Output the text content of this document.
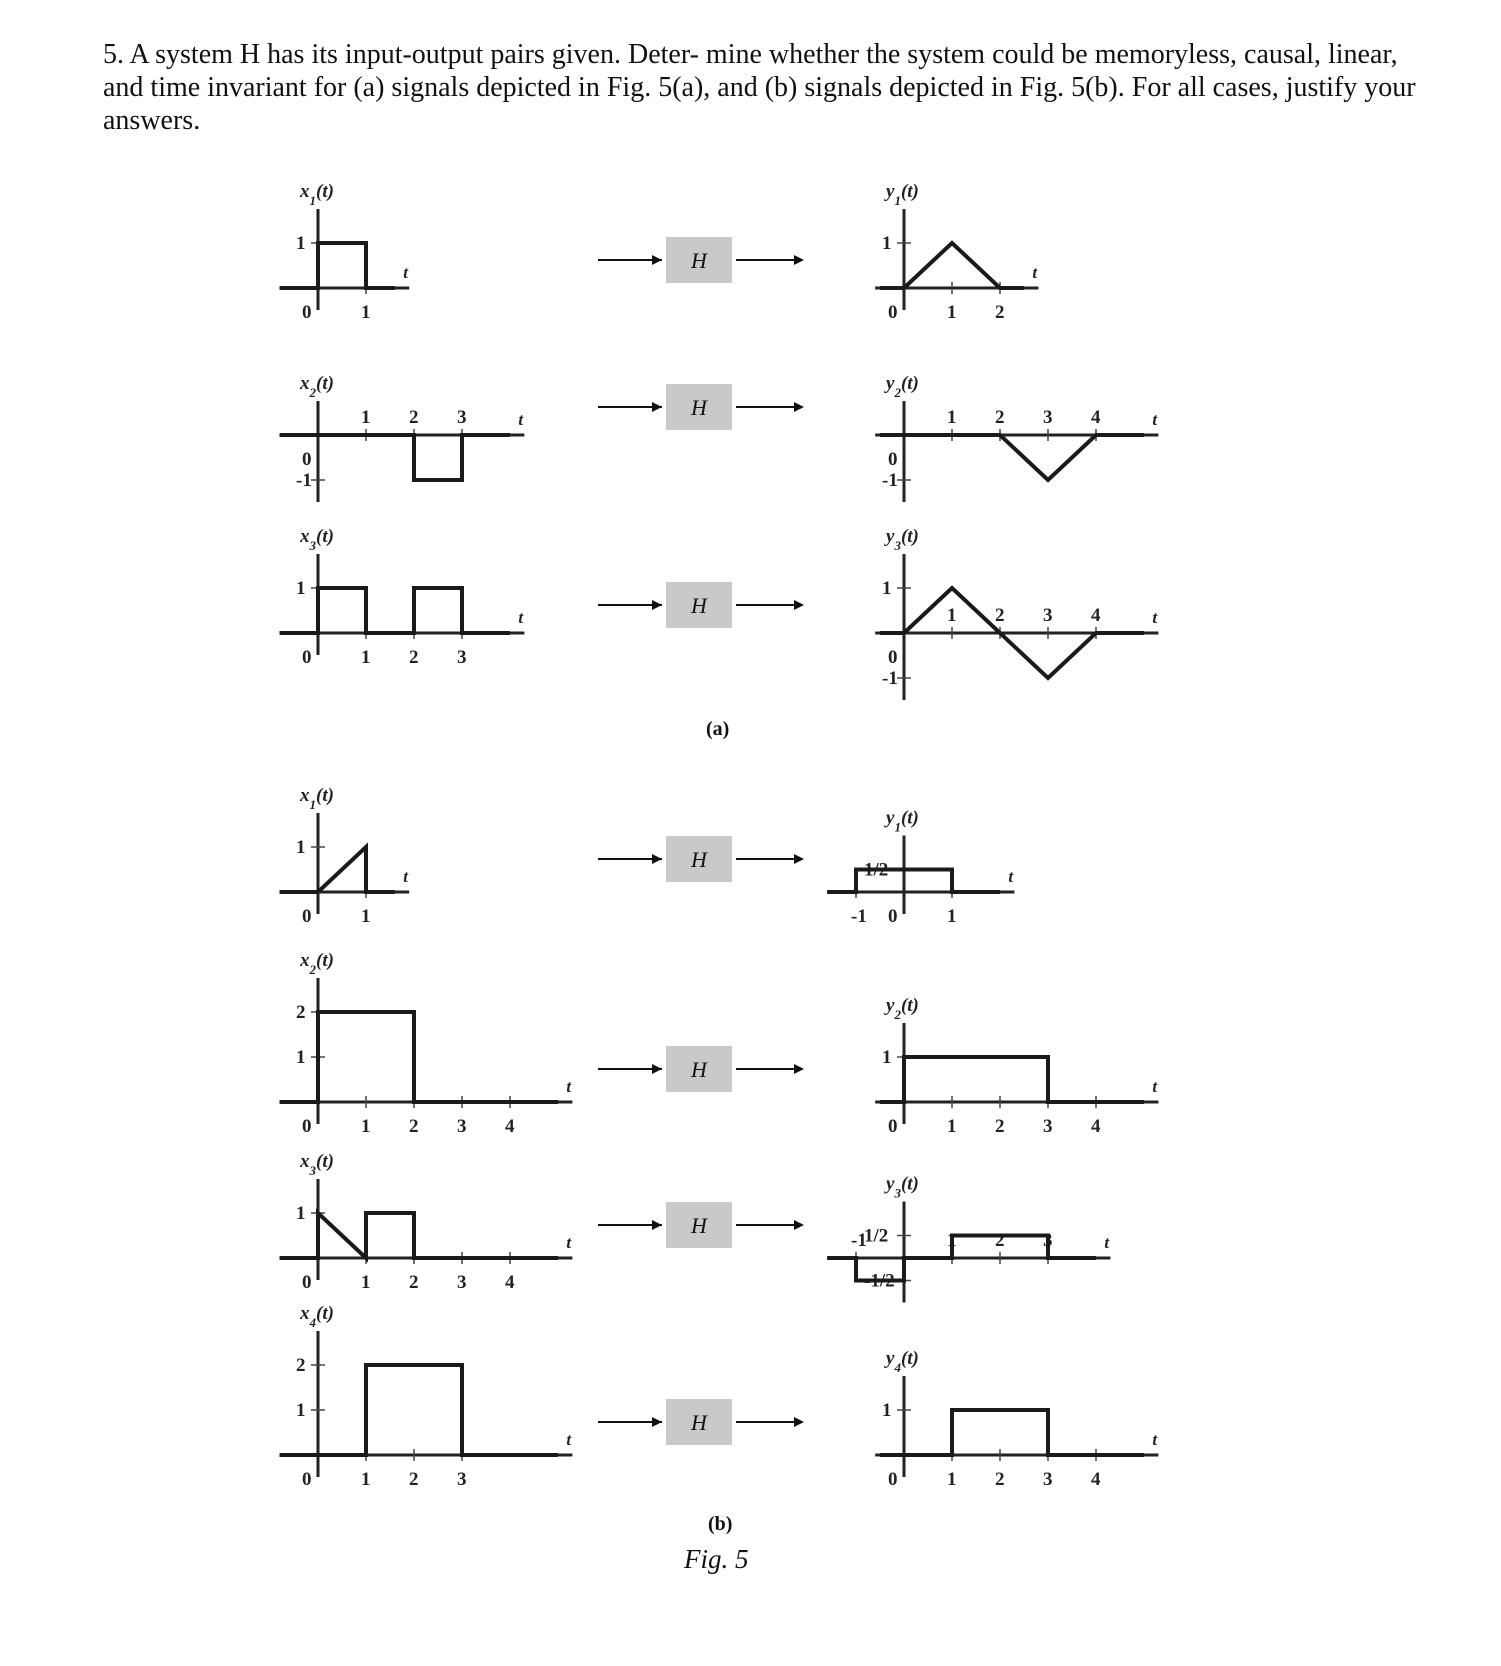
5. A system H has its input-output pairs given. Deter- mine whether the system could be memoryless, causal, linear, and time invariant for (a) signals depicted in Fig. 5(a), and (b) signals depicted in Fig. 5(b). For all cases, justify your answers.

$x_1(t)$
t
0	1
1
$y_1(t)$
t
0	1 2
1
H
$x_2(t)$
t
0
1 2 3
-1
$y_2(t)$
t
0
1 2 3 4
-1
H
$x_3(t)$
t
0	1 2 3
1
$y_3(t)$
t
0
1 2 3 4
1
-1
H
(a)
$x_1(t)$
t
0	1
1
$y_1(t)$
t
-1 0	1
1/2
H
$x_2(t)$
t
0	1 2 3 4
2
1
$y_2(t)$
t
0	1 2 3 4
1
H
$x_3(t)$
t
0	1 2 3 4
1
$y_3(t)$
t
-1	1 2 3
1/2
-1/2
H
$x_4(t)$
t
0	1 2 3
2
1
$y_4(t)$
t
0	1 2 3 4
1
H
(b)
Fig. 5
